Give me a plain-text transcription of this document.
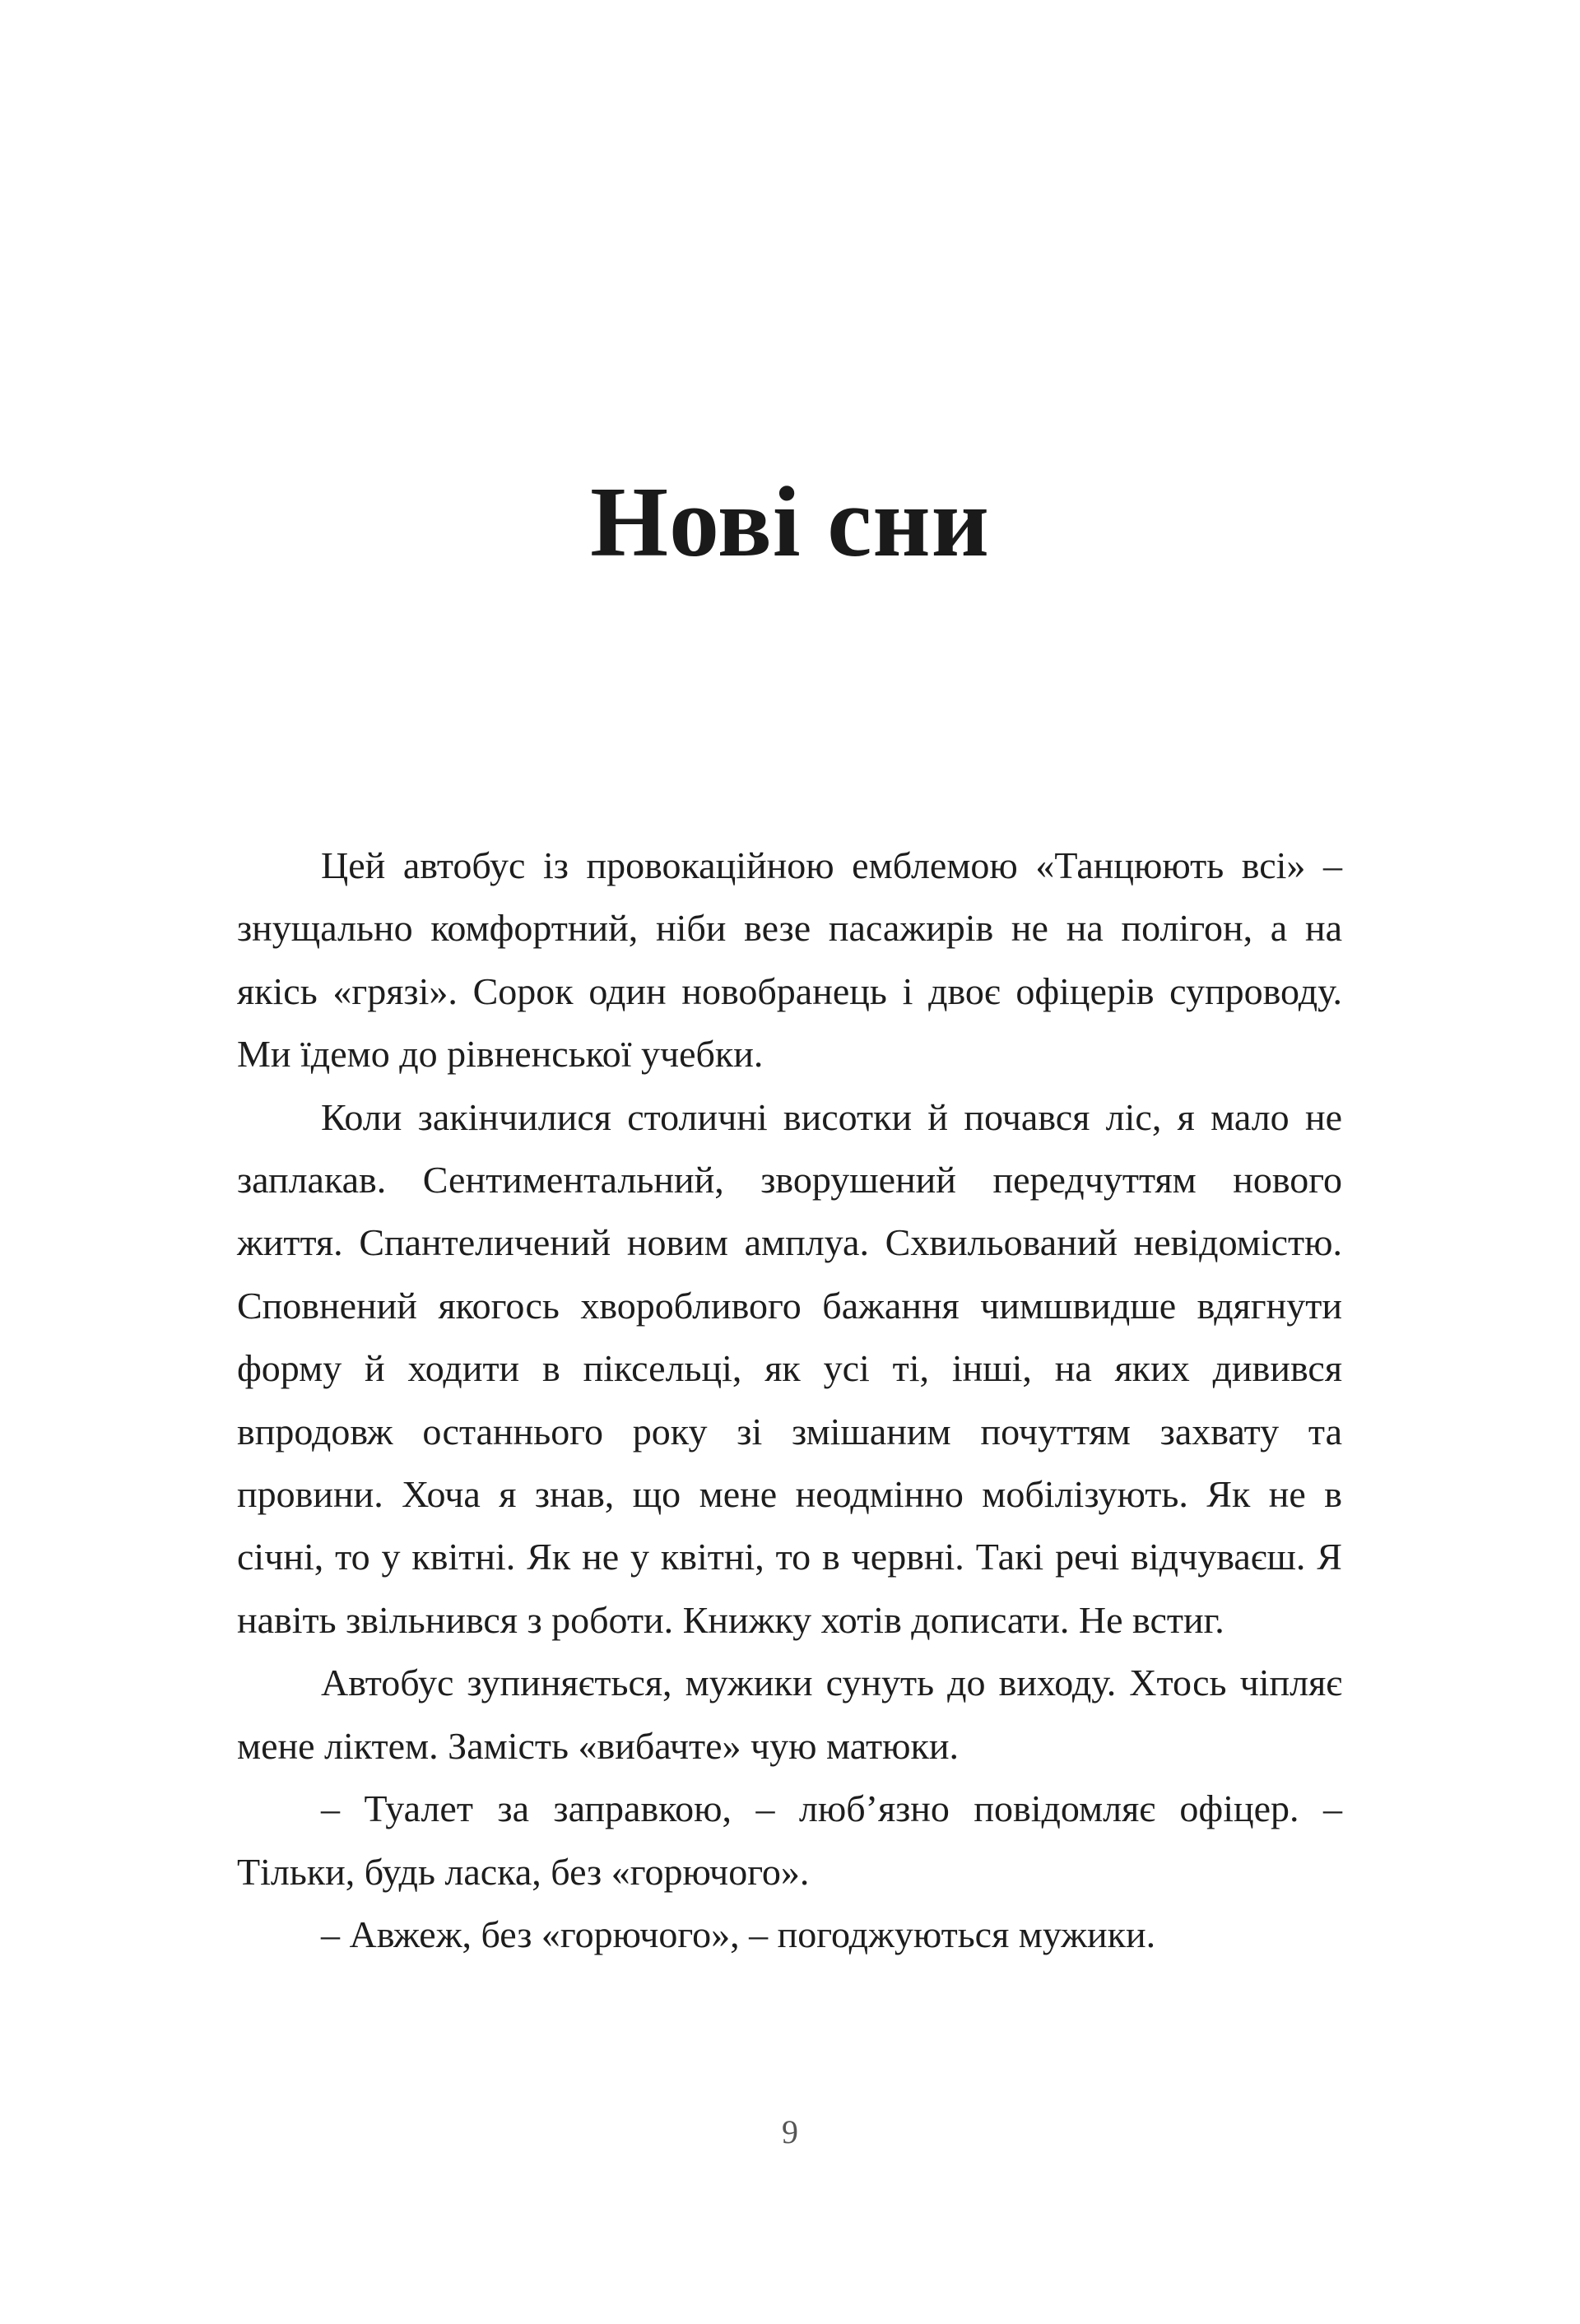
Нові сни

Цей автобус із провокаційною емблемою «Танцюють всі» – знущально комфортний, ніби везе пасажирів не на полігон, а на якісь «грязі». Сорок один новобранець і двоє офіцерів супроводу. Ми їдемо до рівненської учебки.

Коли закінчилися столичні висотки й почався ліс, я мало не заплакав. Сентиментальний, зворушений передчуттям нового життя. Спантеличений новим амплуа. Схвильований невідомістю. Сповнений якогось хворобливого бажання чимшвидше вдягнути форму й ходити в піксельці, як усі ті, інші, на яких дивився впродовж останнього року зі змішаним почуттям захвату та провини. Хоча я знав, що мене неодмінно мобілізують. Як не в січні, то у квітні. Як не у квітні, то в червні. Такі речі відчуваєш. Я навіть звільнився з роботи. Книжку хотів дописати. Не встиг.

Автобус зупиняється, мужики сунуть до виходу. Хтось чіпляє мене ліктем. Замість «вибачте» чую матюки.

– Туалет за заправкою, – люб’язно повідомляє офіцер. – Тільки, будь ласка, без «горючого».

– Авжеж, без «горючого», – погоджуються мужики.

9
